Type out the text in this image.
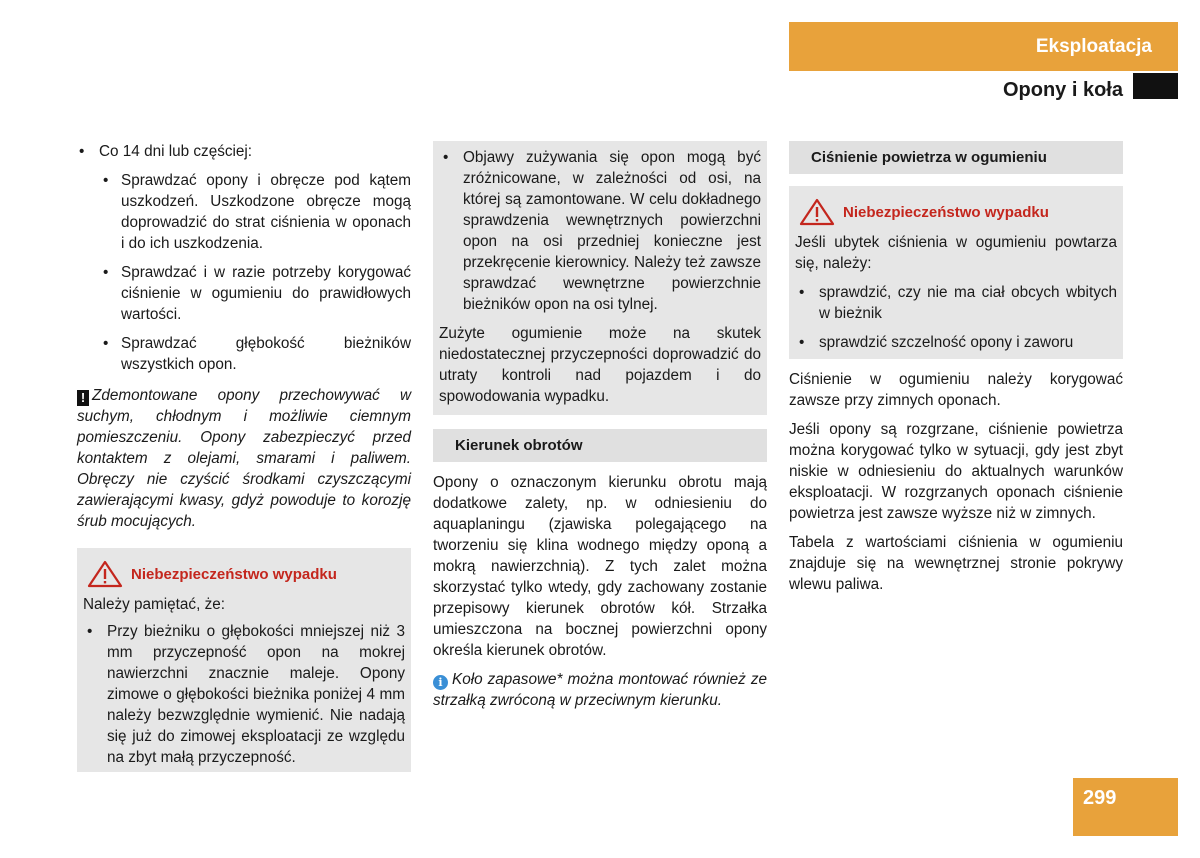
Eksploatacja
Opony i koła
• Co 14 dni lub częściej:
• Sprawdzać opony i obręcze pod kątem uszkodzeń. Uszkodzone obręcze mogą doprowadzić do strat ciśnienia w oponach i do ich uszkodzenia.
• Sprawdzać i w razie potrzeby korygować ciśnienie w ogumieniu do prawidłowych wartości.
• Sprawdzać głębokość bieżników wszystkich opon.

! Zdemontowane opony przechowywać w suchym, chłodnym i możliwie ciemnym pomieszczeniu. Opony zabezpieczyć przed kontaktem z olejami, smarami i paliwem. Obręczy nie czyścić środkami czyszczącymi zawierającymi kwasy, gdyż powoduje to korozję śrub mocujących.

Niebezpieczeństwo wypadku

Należy pamiętać, że:

• Przy bieżniku o głębokości mniejszej niż 3 mm przyczepność opon na mokrej nawierzchni znacznie maleje. Opony zimowe o głębokości bieżnika poniżej 4 mm należy bezwzględnie wymienić. Nie nadają się już do zimowej eksploatacji ze względu na zbyt małą przyczepność.
• Objawy zużywania się opon mogą być zróżnicowane, w zależności od osi, na której są zamontowane. W celu dokładnego sprawdzenia wewnętrznych powierzchni opon na osi przedniej konieczne jest przekręcenie kierownicy. Należy też zawsze sprawdzać wewnętrzne powierzchnie bieżników opon na osi tylnej.

Zużyte ogumienie może na skutek niedostatecznej przyczepności doprowadzić do utraty kontroli nad pojazdem i do spowodowania wypadku.

Kierunek obrotów

Opony o oznaczonym kierunku obrotu mają dodatkowe zalety, np. w odniesieniu do aquaplaningu (zjawiska polegającego na tworzeniu się klina wodnego między oponą a mokrą nawierzchnią). Z tych zalet można skorzystać tylko wtedy, gdy zachowany zostanie przepisowy kierunek obrotów kół. Strzałka umieszczona na bocznej powierzchni opony określa kierunek obrotów.

i Koło zapasowe* można montować również ze strzałką zwróconą w przeciwnym kierunku.

Ciśnienie powietrza w ogumieniu
Niebezpieczeństwo wypadku

Jeśli ubytek ciśnienia w ogumieniu powtarza się, należy:

• sprawdzić, czy nie ma ciał obcych wbitych w bieżnik
• sprawdzić szczelność opony i zaworu

Ciśnienie w ogumieniu należy korygować zawsze przy zimnych oponach.

Jeśli opony są rozgrzane, ciśnienie powietrza można korygować tylko w sytuacji, gdy jest zbyt niskie w odniesieniu do aktualnych warunków eksploatacji. W rozgrzanych oponach ciśnienie powietrza jest zawsze wyższe niż w zimnych.

Tabela z wartościami ciśnienia w ogumieniu znajduje się na wewnętrznej stronie pokrywy wlewu paliwa.

299
